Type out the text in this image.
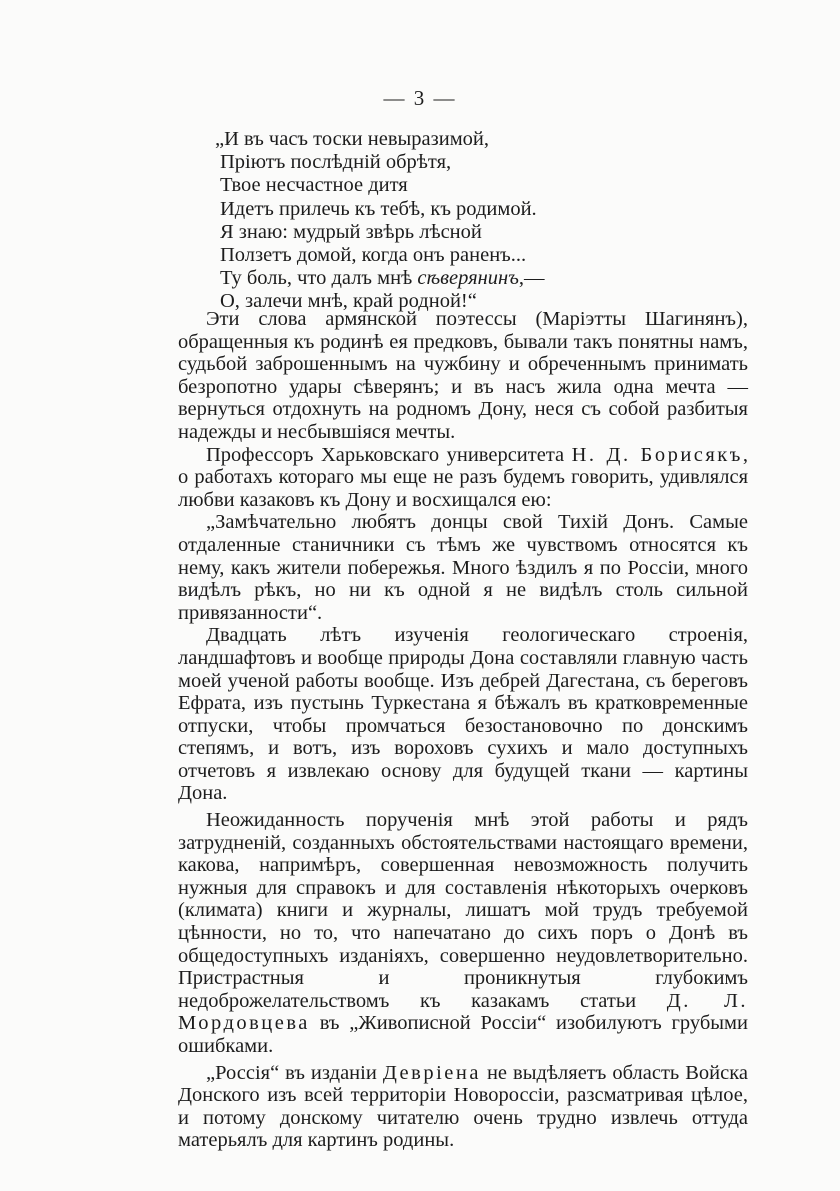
— 3 —
„И въ часъ тоски невыразимой,
Пріютъ послѣдній обрѣтя,
Твое несчастное дитя
Идетъ прилечь къ тебѣ, къ родимой.
Я знаю: мудрый звѣрь лѣсной
Ползетъ домой, когда онъ раненъ...
Ту боль, что далъ мнѣ сѣверянинъ,—
О, залечи мнѣ, край родной!“

Эти слова армянской поэтессы (Маріэтты Шагинянъ), обращенныя къ родинѣ ея предковъ, бывали такъ понятны намъ, судьбой заброшеннымъ на чужбину и обреченнымъ принимать безропотно удары сѣверянъ; и въ насъ жила одна мечта — вернуться отдохнуть на родномъ Дону, неся съ собой разбитыя надежды и несбывшіяся мечты.

Профессоръ Харьковскаго университета Н. Д. Борисякъ, о работахъ котораго мы еще не разъ будемъ говорить, удивлялся любви казаковъ къ Дону и восхищался ею:

„Замѣчательно любятъ донцы свой Тихій Донъ. Самые отдаленные станичники съ тѣмъ же чувствомъ относятся къ нему, какъ жители побережья. Много ѣздилъ я по Россіи, много видѣлъ рѣкъ, но ни къ одной я не видѣлъ столь сильной привязанности“.

Двадцать лѣтъ изученія геологическаго строенія, ландшафтовъ и вообще природы Дона составляли главную часть моей ученой работы вообще. Изъ дебрей Дагестана, съ береговъ Ефрата, изъ пустынь Туркестана я бѣжалъ въ кратковременные отпуски, чтобы промчаться безостановочно по донскимъ степямъ, и вотъ, изъ вороховъ сухихъ и мало доступныхъ отчетовъ я извлекаю основу для будущей ткани — картины Дона.

Неожиданность порученія мнѣ этой работы и рядъ затрудненій, созданныхъ обстоятельствами настоящаго времени, какова, напримѣръ, совершенная невозможность получить нужныя для справокъ и для составленія нѣкоторыхъ очерковъ (климата) книги и журналы, лишатъ мой трудъ требуемой цѣнности, но то, что напечатано до сихъ поръ о Донѣ въ общедоступныхъ изданіяхъ, совершенно неудовлетворительно. Пристрастныя и проникнутыя глубокимъ недоброжелательствомъ къ казакамъ статьи Д. Л. Мордовцева въ „Живописной Россіи“ изобилуютъ грубыми ошибками.

„Россія“ въ изданіи Девріена не выдѣляетъ область Войска Донского изъ всей территоріи Новороссіи, разсматривая цѣлое, и потому донскому читателю очень трудно извлечь оттуда матерьялъ для картинъ родины.
